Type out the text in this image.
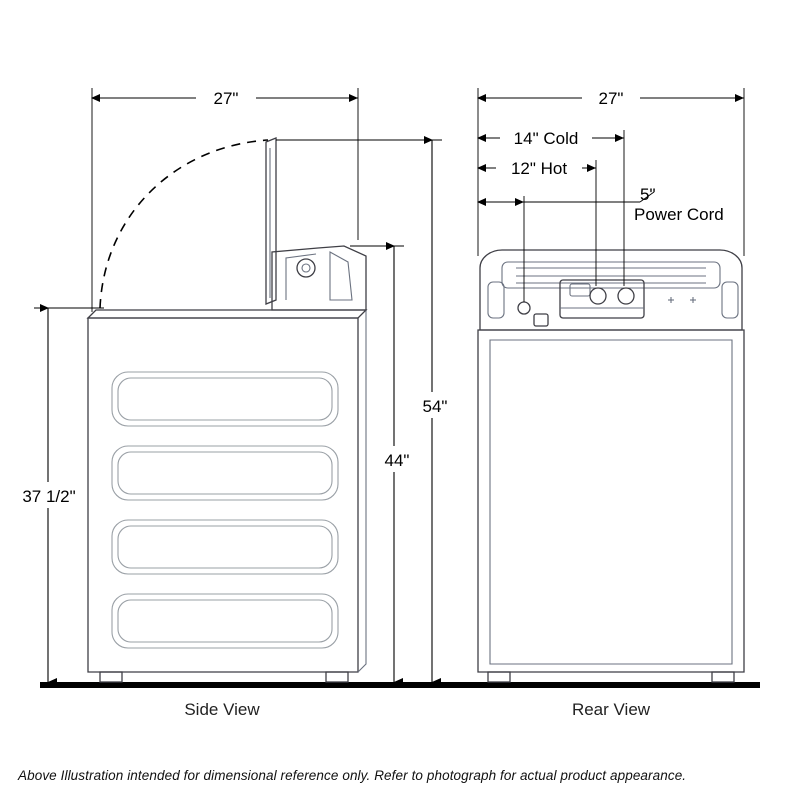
27"
54"
44"
37 1/2"
Side View
27"
14" Cold
12" Hot
5"
Power Cord
Rear View
Above Illustration intended for dimensional reference only. Refer to photograph for actual product appearance.
